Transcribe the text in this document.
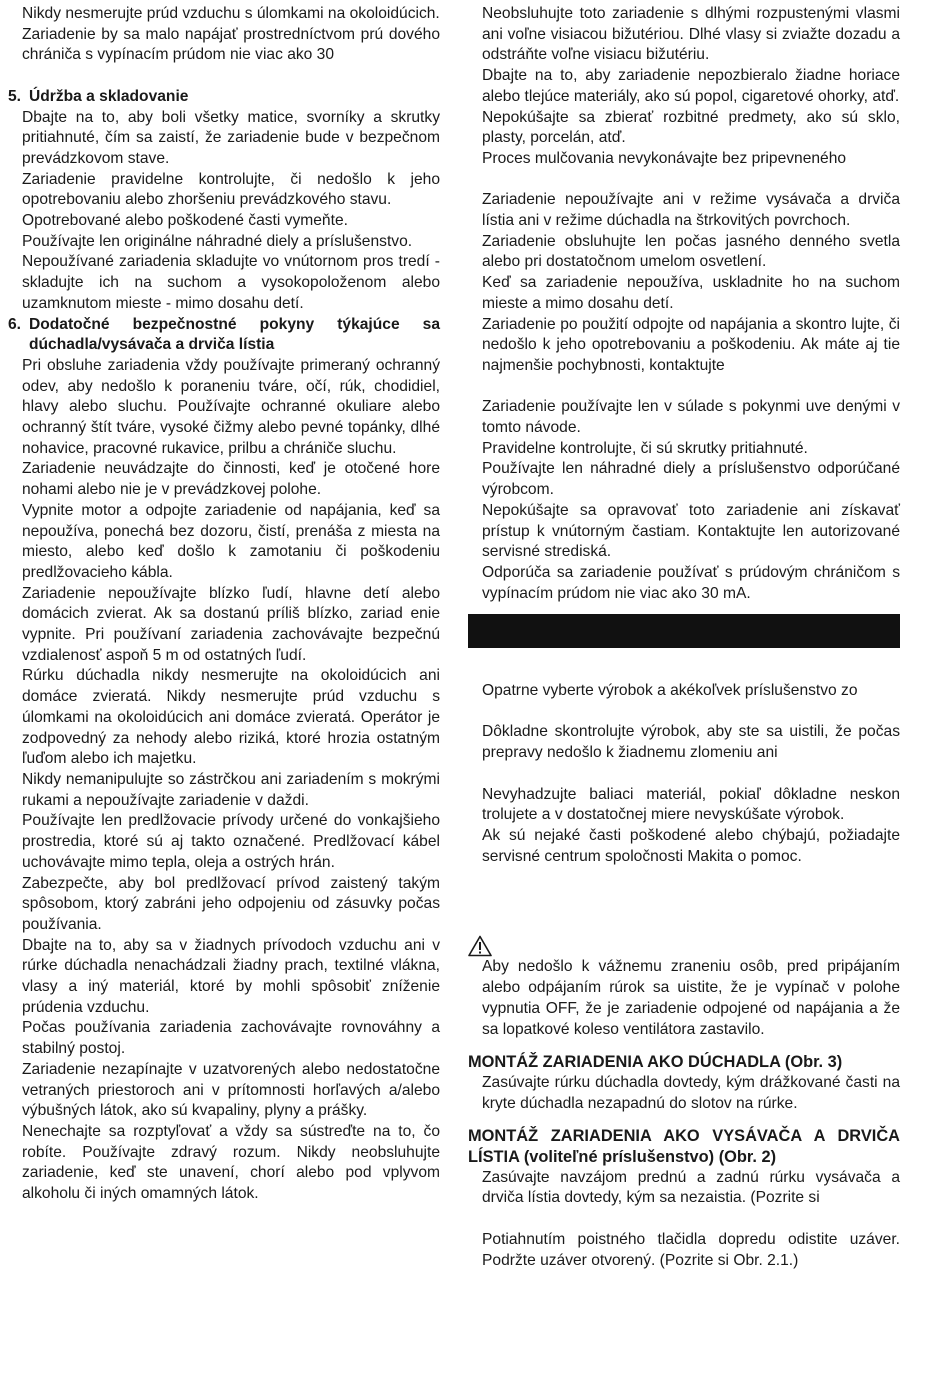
Nikdy nesmerujte prúd vzduchu s úlomkami na okoloidúcich.

Zariadenie by sa malo napájať prostredníctvom prú dového chrániča s vypínacím prúdom nie viac ako 30

5. Údržba a skladovanie

Dbajte na to, aby boli všetky matice, svorníky a skrutky pritiahnuté, čím sa zaistí, že zariadenie bude v bezpečnom prevádzkovom stave.

Zariadenie pravidelne kontrolujte, či nedošlo k jeho opotrebovaniu alebo zhoršeniu prevádzkového stavu.

Opotrebované alebo poškodené časti vymeňte.

Používajte len originálne náhradné diely a príslušenstvo.

Nepoužívané zariadenia skladujte vo vnútornom pros tredí - skladujte ich na suchom a vysokopoloženom alebo uzamknutom mieste - mimo dosahu detí.

6. Dodatočné bezpečnostné pokyny týkajúce sa dúchadla/vysávača a drviča lístia

Pri obsluhe zariadenia vždy používajte primeraný ochranný odev, aby nedošlo k poraneniu tváre, očí, rúk, chodidiel, hlavy alebo sluchu. Používajte ochranné okuliare alebo ochranný štít tváre, vysoké čižmy alebo pevné topánky, dlhé nohavice, pracovné rukavice, prilbu a chrániče sluchu.

Zariadenie neuvádzajte do činnosti, keď je otočené hore nohami alebo nie je v prevádzkovej polohe.

Vypnite motor a odpojte zariadenie od napájania, keď sa nepoužíva, ponechá bez dozoru, čistí, prenáša z miesta na miesto, alebo keď došlo k zamotaniu či poškodeniu predlžovacieho kábla.

Zariadenie nepoužívajte blízko ľudí, hlavne detí alebo domácich zvierat. Ak sa dostanú príliš blízko, zariad enie vypnite. Pri používaní zariadenia zachovávajte bezpečnú vzdialenosť aspoň 5 m od ostatných ľudí.

Rúrku dúchadla nikdy nesmerujte na okoloidúcich ani domáce zvieratá. Nikdy nesmerujte prúd vzduchu s úlomkami na okoloidúcich ani domáce zvieratá. Operátor je zodpovedný za nehody alebo riziká, ktoré hrozia ostatným ľuďom alebo ich majetku.

Nikdy nemanipulujte so zástrčkou ani zariadením s mokrými rukami a nepoužívajte zariadenie v daždi.

Používajte len predlžovacie prívody určené do vonkajšieho prostredia, ktoré sú aj takto označené. Predlžovací kábel uchovávajte mimo tepla, oleja a ostrých hrán.

Zabezpečte, aby bol predlžovací prívod zaistený takým spôsobom, ktorý zabráni jeho odpojeniu od zásuvky počas používania.

Dbajte na to, aby sa v žiadnych prívodoch vzduchu ani v rúrke dúchadla nenachádzali žiadny prach, textilné vlákna, vlasy a iný materiál, ktoré by mohli spôsobiť zníženie prúdenia vzduchu.

Počas používania zariadenia zachovávajte rovnováhny a stabilný postoj.

Zariadenie nezapínajte v uzatvorených alebo nedostatočne vetraných priestoroch ani v prítomnosti horľavých a/alebo výbušných látok, ako sú kvapaliny, plyny a prášky.

Nenechajte sa rozptyľovať a vždy sa sústreďte na to, čo robíte. Používajte zdravý rozum. Nikdy neobsluhujte zariadenie, keď ste unavení, chorí alebo pod vplyvom alkoholu či iných omamných látok.

Neobsluhujte toto zariadenie s dlhými rozpustenými vlasmi ani voľne visiacou bižutériou. Dlhé vlasy si zviažte dozadu a odstráňte voľne visiacu bižutériu.

Dbajte na to, aby zariadenie nepozbieralo žiadne horiace alebo tlejúce materiály, ako sú popol, cigaretové ohorky, atď.

Nepokúšajte sa zbierať rozbitné predmety, ako sú sklo, plasty, porcelán, atď.

Proces mulčovania nevykonávajte bez pripevneného

Zariadenie nepoužívajte ani v režime vysávača a drviča lístia ani v režime dúchadla na štrkovitých povrchoch.

Zariadenie obsluhujte len počas jasného denného svetla alebo pri dostatočnom umelom osvetlení.

Keď sa zariadenie nepoužíva, uskladnite ho na suchom mieste a mimo dosahu detí.

Zariadenie po použití odpojte od napájania a skontro lujte, či nedošlo k jeho opotrebovaniu a poškodeniu. Ak máte aj tie najmenšie pochybnosti, kontaktujte

Zariadenie používajte len v súlade s pokynmi uve denými v tomto návode.

Pravidelne kontrolujte, či sú skrutky pritiahnuté.

Používajte len náhradné diely a príslušenstvo odporúčané výrobcom.

Nepokúšajte sa opravovať toto zariadenie ani získavať prístup k vnútorným častiam. Kontaktujte len autorizované servisné strediská.

Odporúča sa zariadenie používať s prúdovým chráničom s vypínacím prúdom nie viac ako 30 mA.

Opatrne vyberte výrobok a akékoľvek príslušenstvo zo

Dôkladne skontrolujte výrobok, aby ste sa uistili, že počas prepravy nedošlo k žiadnemu zlomeniu ani

Nevyhadzujte baliaci materiál, pokiaľ dôkladne neskon trolujete a v dostatočnej miere nevyskúšate výrobok.

Ak sú nejaké časti poškodené alebo chýbajú, požiadajte servisné centrum spoločnosti Makita o pomoc.

Aby nedošlo k vážnemu zraneniu osôb, pred pripájaním alebo odpájaním rúrok sa uistite, že je vypínač v polohe vypnutia OFF, že je zariadenie odpojené od napájania a že sa lopatkové koleso ventilátora zastavilo.

MONTÁŽ ZARIADENIA AKO DÚCHADLA (Obr. 3)

Zasúvajte rúrku dúchadla dovtedy, kým drážkované časti na kryte dúchadla nezapadnú do slotov na rúrke.

MONTÁŽ ZARIADENIA AKO VYSÁVAČA A DRVIČA LÍSTIA (voliteľné príslušenstvo) (Obr. 2)

Zasúvajte navzájom prednú a zadnú rúrku vysávača a drviča lístia dovtedy, kým sa nezaistia. (Pozrite si

Potiahnutím poistného tlačidla dopredu odistite uzáver. Podržte uzáver otvorený. (Pozrite si Obr. 2.1.)
